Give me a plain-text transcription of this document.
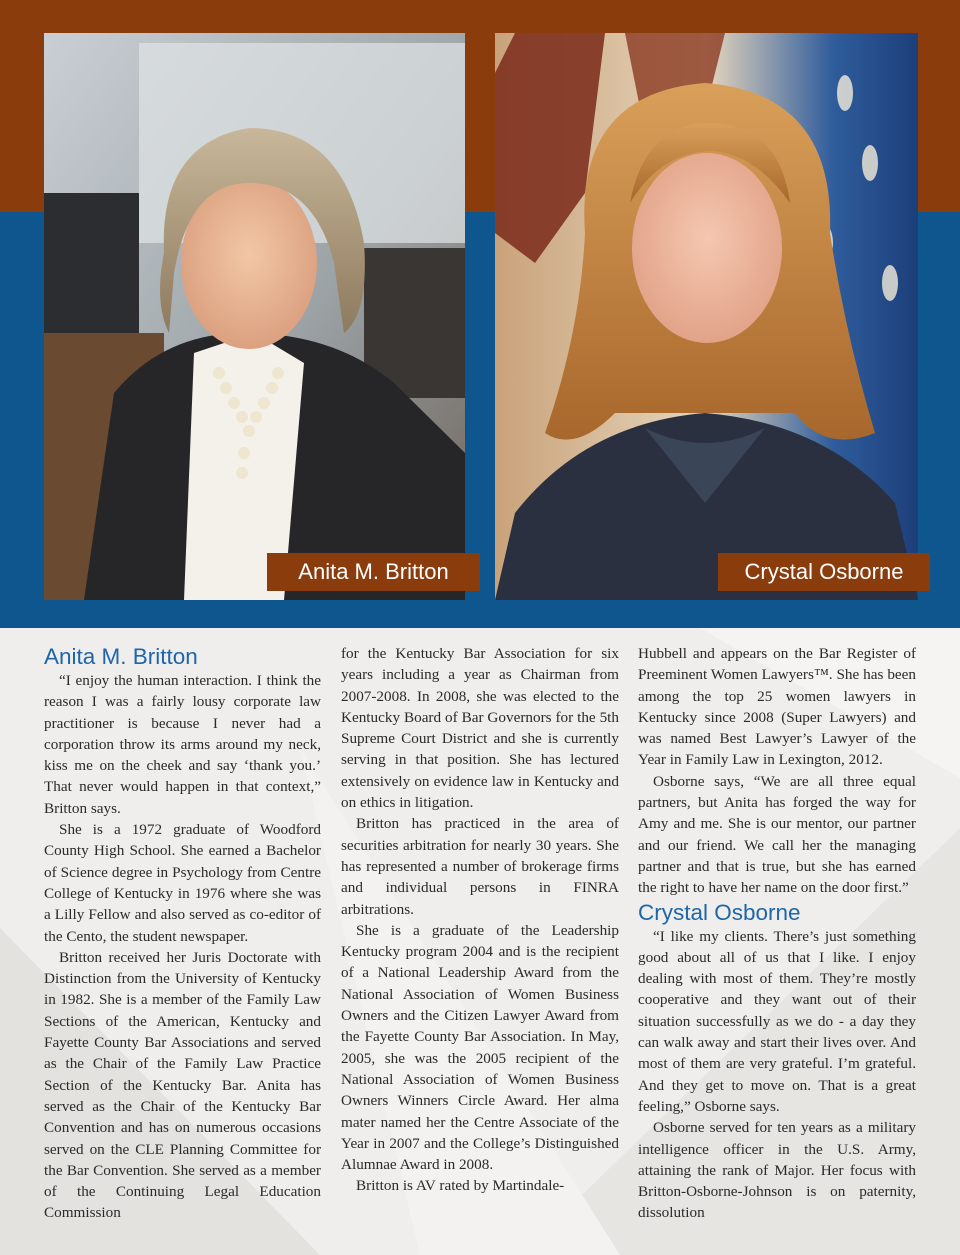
Anita M. Britton	Crystal Osborne
Anita M. Britton

“I enjoy the human interaction. I think the reason I was a fairly lousy corporate law practitioner is because I never had a corporation throw its arms around my neck, kiss me on the cheek and say ‘thank you.’ That never would happen in that context,” Britton says.

She is a 1972 graduate of Woodford County High School. She earned a Bachelor of Science degree in Psychology from Centre College of Kentucky in 1976 where she was a Lilly Fellow and also served as co-editor of the Cento, the student newspaper.

Britton received her Juris Doctorate with Distinction from the University of Kentucky in 1982. She is a member of the Family Law Sections of the American, Kentucky and Fayette County Bar Associations and served as the Chair of the Family Law Practice Section of the Kentucky Bar. Anita has served as the Chair of the Kentucky Bar Convention and has on numerous occasions served on the CLE Planning Committee for the Bar Convention. She served as a member of the Continuing Legal Education Commission

for the Kentucky Bar Association for six years including a year as Chairman from 2007-2008. In 2008, she was elected to the Kentucky Board of Bar Governors for the 5th Supreme Court District and she is currently serving in that position. She has lectured extensively on evidence law in Kentucky and on ethics in litigation.

Britton has practiced in the area of securities arbitration for nearly 30 years. She has represented a number of brokerage firms and individual persons in FINRA arbitrations.

She is a graduate of the Leadership Kentucky program 2004 and is the recipient of a National Leadership Award from the National Association of Women Business Owners and the Citizen Lawyer Award from the Fayette County Bar Association. In May, 2005, she was the 2005 recipient of the National Association of Women Business Owners Winners Circle Award. Her alma mater named her the Centre Associate of the Year in 2007 and the College’s Distinguished Alumnae Award in 2008.

Britton is AV rated by Martindale-

Hubbell and appears on the Bar Register of Preeminent Women Lawyers™. She has been among the top 25 women lawyers in Kentucky since 2008 (Super Lawyers) and was named Best Lawyer’s Lawyer of the Year in Family Law in Lexington, 2012.

Osborne says, “We are all three equal partners, but Anita has forged the way for Amy and me. She is our mentor, our partner and our friend. We call her the managing partner and that is true, but she has earned the right to have her name on the door first.”

Crystal Osborne

“I like my clients. There’s just something good about all of us that I like. I enjoy dealing with most of them. They’re mostly cooperative and they want out of their situation successfully as we do - a day they can walk away and start their lives over. And most of them are very grateful. I’m grateful. And they get to move on. That is a great feeling,” Osborne says.

Osborne served for ten years as a military intelligence officer in the U.S. Army, attaining the rank of Major. Her focus with Britton-Osborne-Johnson is on paternity, dissolution
